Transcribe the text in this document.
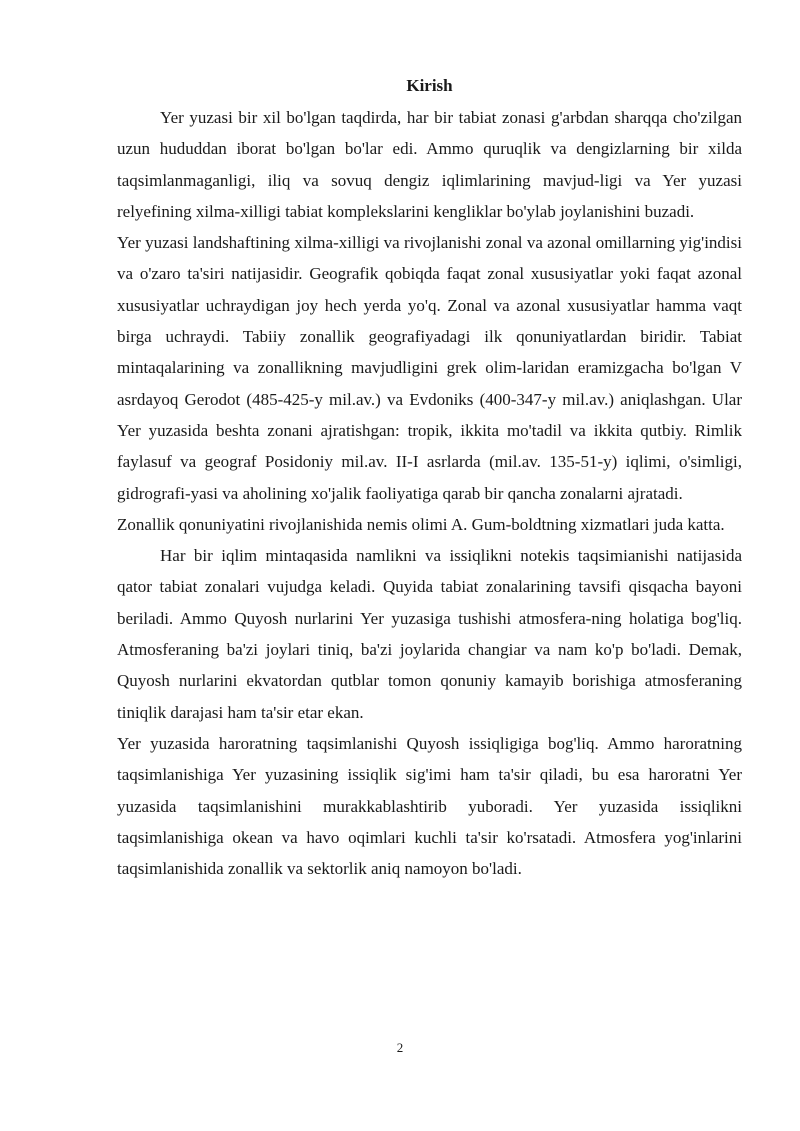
Kirish

Yer yuzasi bir xil bo'lgan taqdirda, har bir tabiat zonasi g'arbdan sharqqa cho'zilgan uzun hududdan iborat bo'lgan bo'lar edi. Ammo quruqlik va dengizlarning bir xilda taqsimlanmaganligi, iliq va sovuq dengiz iqlimlarining mavjud-ligi va Yer yuzasi relyefining xilma-xilligi tabiat komplekslarini kengliklar bo'ylab joylanishini buzadi.

Yer yuzasi landshaftining xilma-xilligi va rivojlanishi zonal va azonal omillarning yig'indisi va o'zaro ta'siri natijasidir. Geografik qobiqda faqat zonal xususiyatlar yoki faqat azonal xususiyatlar uchraydigan joy hech yerda yo'q. Zonal va azonal xususiyatlar hamma vaqt birga uchraydi. Tabiiy zonallik geografiyadagi ilk qonuniyatlardan biridir. Tabiat mintaqalarining va zonallikning mavjudligini grek olim-laridan eramizgacha bo'lgan V asrdayoq Gerodot (485-425-y mil.av.) va Evdoniks (400-347-y mil.av.) aniqlashgan. Ular Yer yuzasida beshta zonani ajratishgan: tropik, ikkita mo'tadil va ikkita qutbiy. Rimlik faylasuf va geograf Posidoniy mil.av. II-I asrlarda (mil.av. 135-51-y) iqlimi, o'simligi, gidrografi-yasi va aholining xo'jalik faoliyatiga qarab bir qancha zonalarni ajratadi.

Zonallik qonuniyatini rivojlanishida nemis olimi A. Gum-boldtning xizmatlari juda katta.

Har bir iqlim mintaqasida namlikni va issiqlikni notekis taqsimianishi natijasida qator tabiat zonalari vujudga keladi. Quyida tabiat zonalarining tavsifi qisqacha bayoni beriladi. Ammo Quyosh nurlarini Yer yuzasiga tushishi atmosfera-ning holatiga bog'liq. Atmosferaning ba'zi joylari tiniq, ba'zi joylarida changiar va nam ko'p bo'ladi. Demak, Quyosh nurlarini ekvatordan qutblar tomon qonuniy kamayib borishiga atmosferaning tiniqlik darajasi ham ta'sir etar ekan.

Yer yuzasida haroratning taqsimlanishi Quyosh issiqligiga bog'liq. Ammo haroratning taqsimlanishiga Yer yuzasining issiqlik sig'imi ham ta'sir qiladi, bu esa haroratni Yer yuzasida taqsimlanishini murakkablashtirib yuboradi. Yer yuzasida issiqlikni taqsimlanishiga okean va havo oqimlari kuchli ta'sir ko'rsatadi. Atmosfera yog'inlarini taqsimlanishida zonallik va sektorlik aniq namoyon bo'ladi.

2
